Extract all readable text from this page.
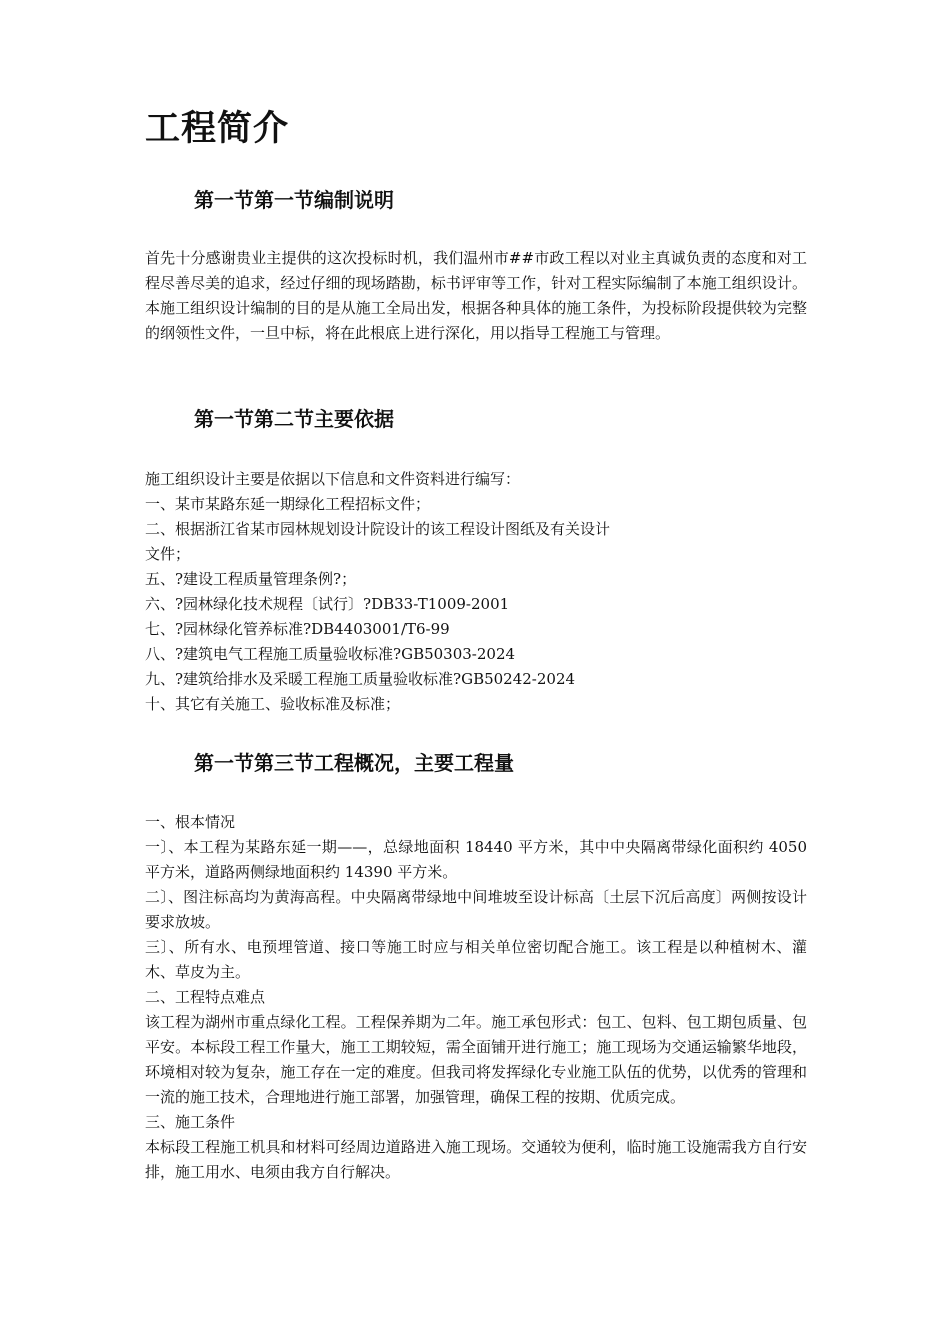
工程简介
第一节第一节编制说明

首先十分感谢贵业主提供的这次投标时机，我们温州市##市政工程以对业主真诚负责的态度和对工程尽善尽美的追求，经过仔细的现场踏勘，标书评审等工作，针对工程实际编制了本施工组织设计。本施工组织设计编制的目的是从施工全局出发，根据各种具体的施工条件，为投标阶段提供较为完整的纲领性文件，一旦中标，将在此根底上进行深化，用以指导工程施工与管理。

第一节第二节主要依据

施工组织设计主要是依据以下信息和文件资料进行编写：

一、某市某路东延一期绿化工程招标文件；

二、根据浙江省某市园林规划设计院设计的该工程设计图纸及有关设计

文件；

五、?建设工程质量管理条例?；

六、?园林绿化技术规程〔试行〕?DB33-T1009-2001

七、?园林绿化管养标准?DB4403001/T6-99

八、?建筑电气工程施工质量验收标准?GB50303-2024

九、?建筑给排水及采暖工程施工质量验收标准?GB50242-2024

十、其它有关施工、验收标准及标准；

第一节第三节工程概况，主要工程量

一、根本情况

一〕、本工程为某路东延一期——，总绿地面积 18440 平方米，其中中央隔离带绿化面积约 4050 平方米，道路两侧绿地面积约 14390 平方米。

二〕、图注标高均为黄海高程。中央隔离带绿地中间堆坡至设计标高〔土层下沉后高度〕两侧按设计要求放坡。

三〕、所有水、电预埋管道、接口等施工时应与相关单位密切配合施工。该工程是以种植树木、灌木、草皮为主。

二、工程特点难点

该工程为湖州市重点绿化工程。工程保养期为二年。施工承包形式：包工、包料、包工期包质量、包平安。本标段工程工作量大，施工工期较短，需全面铺开进行施工；施工现场为交通运输繁华地段，环境相对较为复杂，施工存在一定的难度。但我司将发挥绿化专业施工队伍的优势，以优秀的管理和一流的施工技术，合理地进行施工部署，加强管理，确保工程的按期、优质完成。

三、施工条件

本标段工程施工机具和材料可经周边道路进入施工现场。交通较为便利，临时施工设施需我方自行安排，施工用水、电须由我方自行解决。
